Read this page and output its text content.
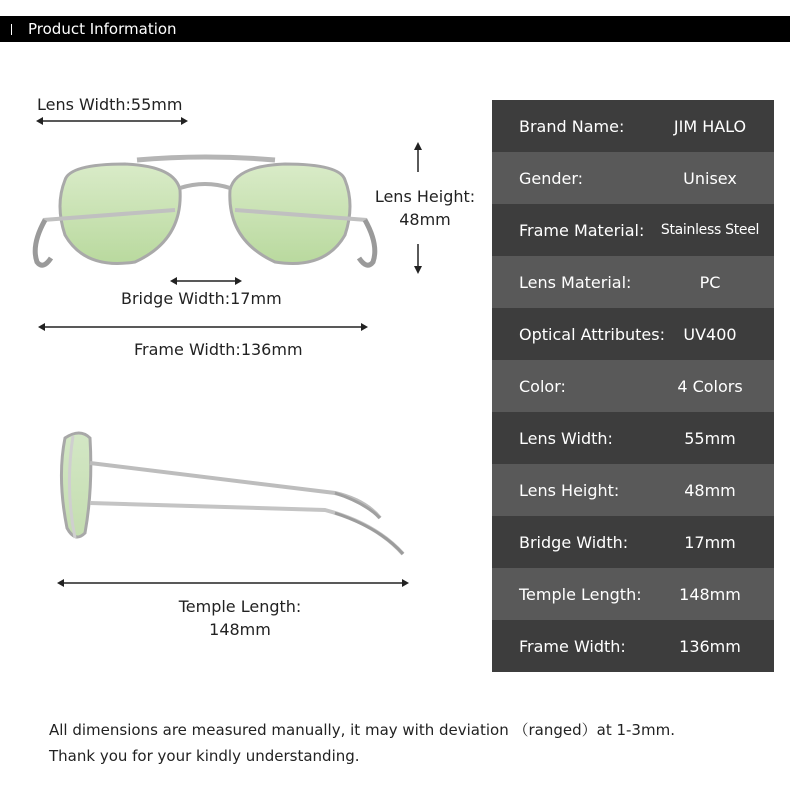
Product Information
Lens Width:55mm
Lens Height:
48mm
Bridge Width:17mm
Frame Width:136mm
Temple Length:
148mm
Brand Name:	JIM HALO
Gender:	Unisex
Frame Material:	Stainless Steel
Lens Material:	PC
Optical Attributes:	UV400
Color:	4 Colors
Lens Width:	55mm
Lens Height:	48mm
Bridge Width:	17mm
Temple Length:	148mm
Frame Width:	136mm
All dimensions are measured manually, it may with deviation （ranged）at 1-3mm.
Thank you for your kindly understanding.
